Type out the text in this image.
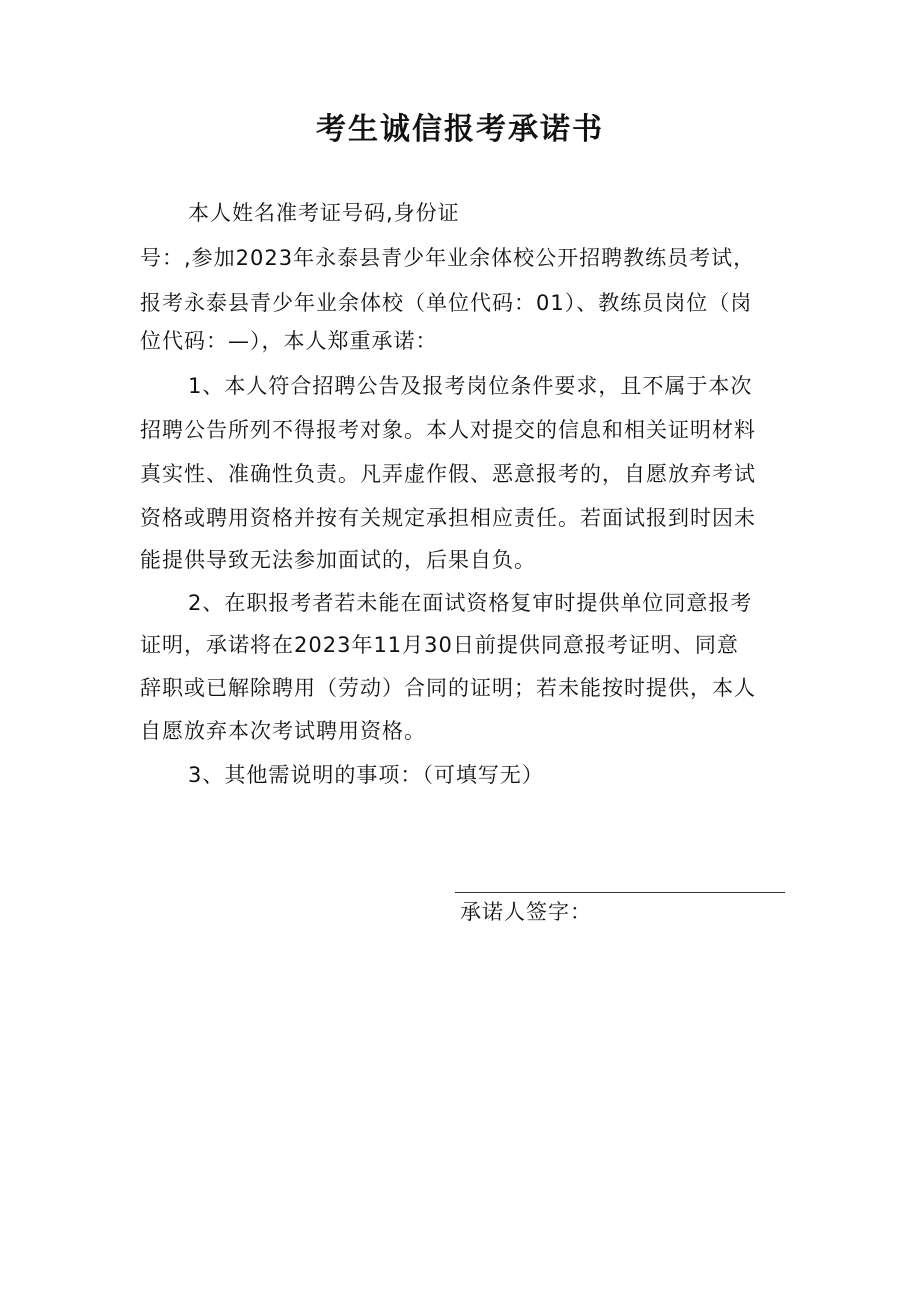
考生诚信报考承诺书
本人姓名准考证号码,身份证
号：,参加2023年永泰县青少年业余体校公开招聘教练员考试，
报考永泰县青少年业余体校（单位代码：01）、教练员岗位（岗
位代码：—），本人郑重承诺：
1、本人符合招聘公告及报考岗位条件要求，且不属于本次
招聘公告所列不得报考对象。本人对提交的信息和相关证明材料
真实性、准确性负责。凡弄虚作假、恶意报考的，自愿放弃考试
资格或聘用资格并按有关规定承担相应责任。若面试报到时因未
能提供导致无法参加面试的，后果自负。
2、在职报考者若未能在面试资格复审时提供单位同意报考
证明，承诺将在2023年11月30日前提供同意报考证明、同意
辞职或已解除聘用（劳动）合同的证明；若未能按时提供，本人
自愿放弃本次考试聘用资格。
3、其他需说明的事项：（可填写无）
承诺人签字：
